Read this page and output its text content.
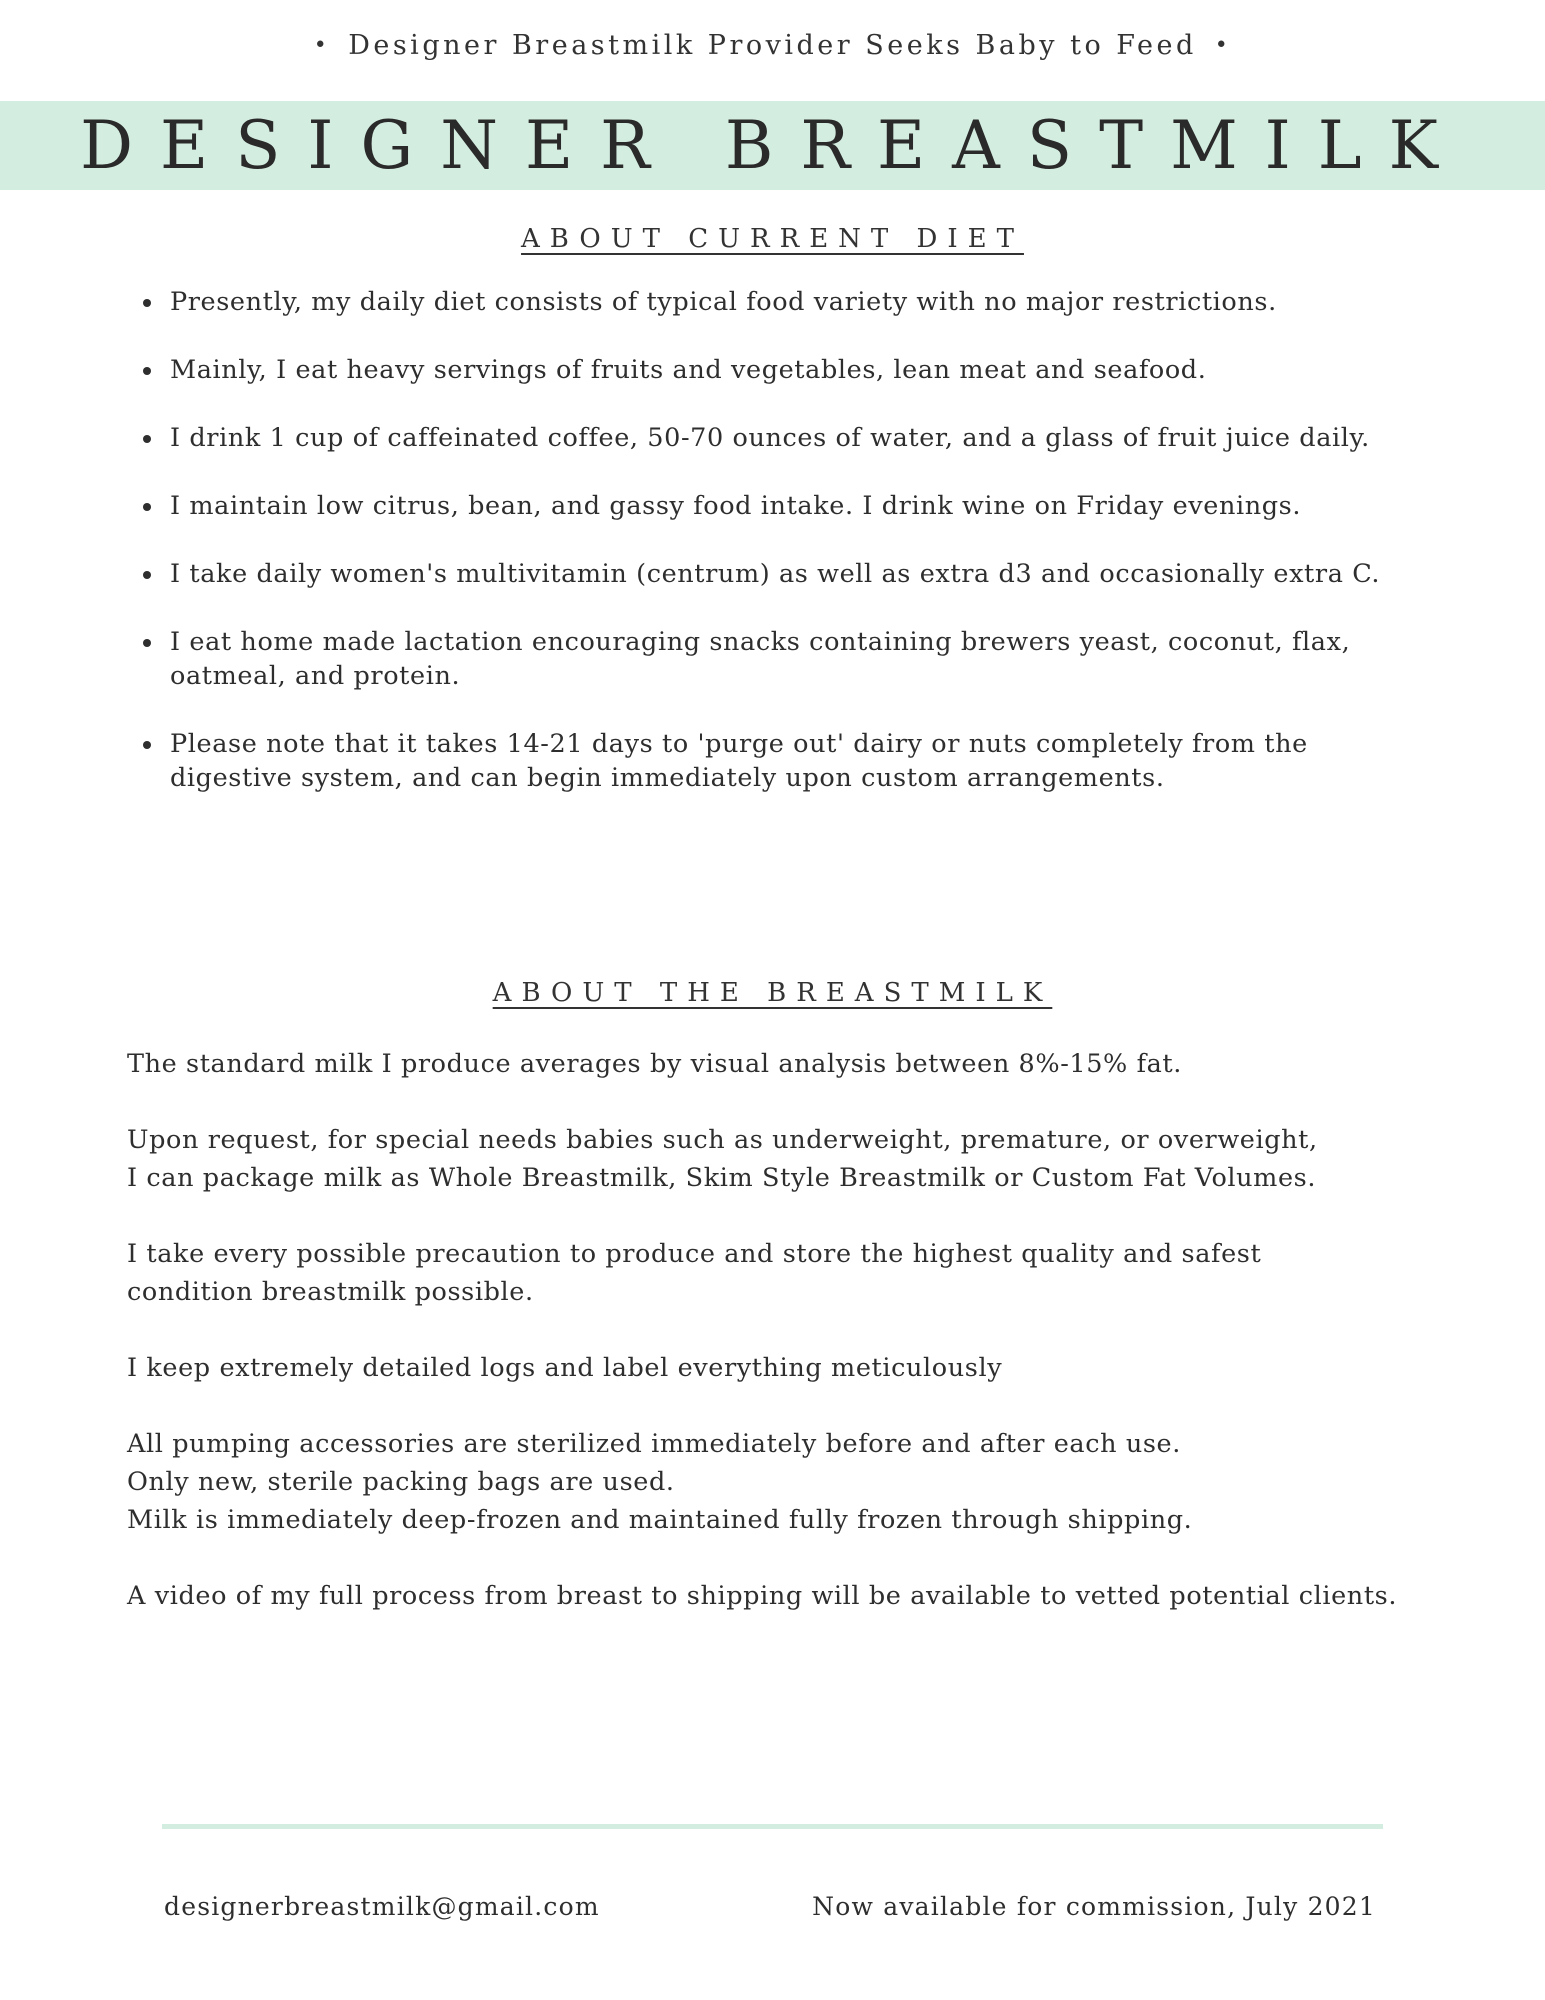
• Designer Breastmilk Provider Seeks Baby to Feed •
DESIGNER BREASTMILK
ABOUT CURRENT DIET
Presently, my daily diet consists of typical food variety with no major restrictions.
Mainly, I eat heavy servings of fruits and vegetables, lean meat and seafood.
I drink 1 cup of caffeinated coffee, 50-70 ounces of water, and a glass of fruit juice daily.
I maintain low citrus, bean, and gassy food intake. I drink wine on Friday evenings.
I take daily women's multivitamin (centrum) as well as extra d3 and occasionally extra C.
I eat home made lactation encouraging snacks containing brewers yeast, coconut, flax, oatmeal, and protein.
Please note that it takes 14-21 days to 'purge out' dairy or nuts completely from the digestive system, and can begin immediately upon custom arrangements.
ABOUT THE BREASTMILK

The standard milk I produce averages by visual analysis between 8%-15% fat.

Upon request, for special needs babies such as underweight, premature, or overweight,
I can package milk as Whole Breastmilk, Skim Style Breastmilk or Custom Fat Volumes.

I take every possible precaution to produce and store the highest quality and safest
condition breastmilk possible.

I keep extremely detailed logs and label everything meticulously

All pumping accessories are sterilized immediately before and after each use.
Only new, sterile packing bags are used.
Milk is immediately deep-frozen and maintained fully frozen through shipping.

A video of my full process from breast to shipping will be available to vetted potential clients.

designerbreastmilk@gmail.com	Now available for commission, July 2021
